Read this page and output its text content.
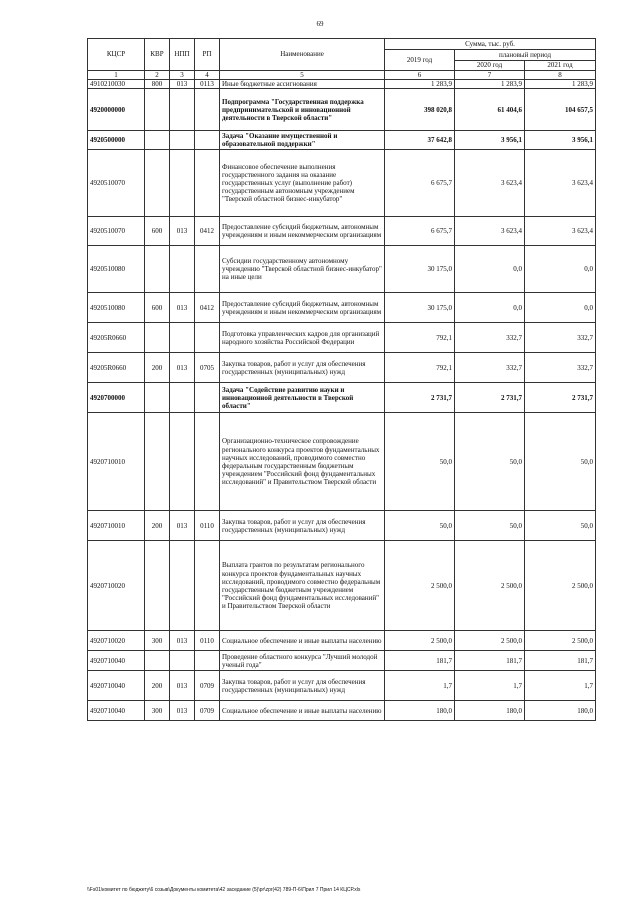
69
КЦСР	КВР	НПП	РП	Наименование	Сумма, тыс. руб.		
					2019 год	плановый период	
						2020 год	2021 год
1	2	3	4	5	6	7	8
4910210030	800	013	0113	Иные бюджетные ассигнования	1 283,9	1 283,9	1 283,9
4920000000				Подпрограмма "Государственная поддержка предпринимательской и инновационной деятельности в Тверской области"	398 020,8	61 404,6	104 657,5
4920500000				Задача "Оказание имущественной и образовательной поддержки"	37 642,8	3 956,1	3 956,1
4920510070				Финансовое обеспечение выполнения государственного задания на оказание государственных услуг (выполнение работ) государственным автономным учреждением "Тверской областной бизнес-инкубатор"	6 675,7	3 623,4	3 623,4
4920510070	600	013	0412	Предоставление субсидий бюджетным, автономным учреждениям и иным некоммерческим организациям	6 675,7	3 623,4	3 623,4
4920510080				Субсидии государственному автономному учреждению "Тверской областной бизнес-инкубатор" на иные цели	30 175,0	0,0	0,0
4920510080	600	013	0412	Предоставление субсидий бюджетным, автономным учреждениям и иным некоммерческим организациям	30 175,0	0,0	0,0
49205R0660				Подготовка управленческих кадров для организаций народного хозяйства Российской Федерации	792,1	332,7	332,7
49205R0660	200	013	0705	Закупка товаров, работ и услуг для обеспечения государственных (муниципальных) нужд	792,1	332,7	332,7
4920700000				Задача "Содействие развитию науки и инновационной деятельности в Тверской области"	2 731,7	2 731,7	2 731,7
4920710010				Организационно-техническое сопровождение регионального конкурса проектов фундаментальных научных исследований, проводимого совместно федеральным государственным бюджетным учреждением "Российский фонд фундаментальных исследований" и Правительством Тверской области	50,0	50,0	50,0
4920710010	200	013	0110	Закупка товаров, работ и услуг для обеспечения государственных (муниципальных) нужд	50,0	50,0	50,0
4920710020				Выплата грантов по результатам регионального конкурса проектов фундаментальных научных исследований, проводимого совместно федеральным государственным бюджетным учреждением "Российский фонд фундаментальных исследований" и Правительством Тверской области	2 500,0	2 500,0	2 500,0
4920710020	300	013	0110	Социальное обеспечение и иные выплаты населению	2 500,0	2 500,0	2 500,0
4920710040				Проведение областного конкурса "Лучший молодой ученый года"	181,7	181,7	181,7
4920710040	200	013	0709	Закупка товаров, работ и услуг для обеспечения государственных (муниципальных) нужд	1,7	1,7	1,7
4920710040	300	013	0709	Социальное обеспечение и иные выплаты населению	180,0	180,0	180,0
\\Fs01\комитет по бюджету\6 созыв\Документы комитета\42 заседание (5)\pr\zpr(42) 789-П-6\Прил 7 Прил 14 КЦСР.xls
